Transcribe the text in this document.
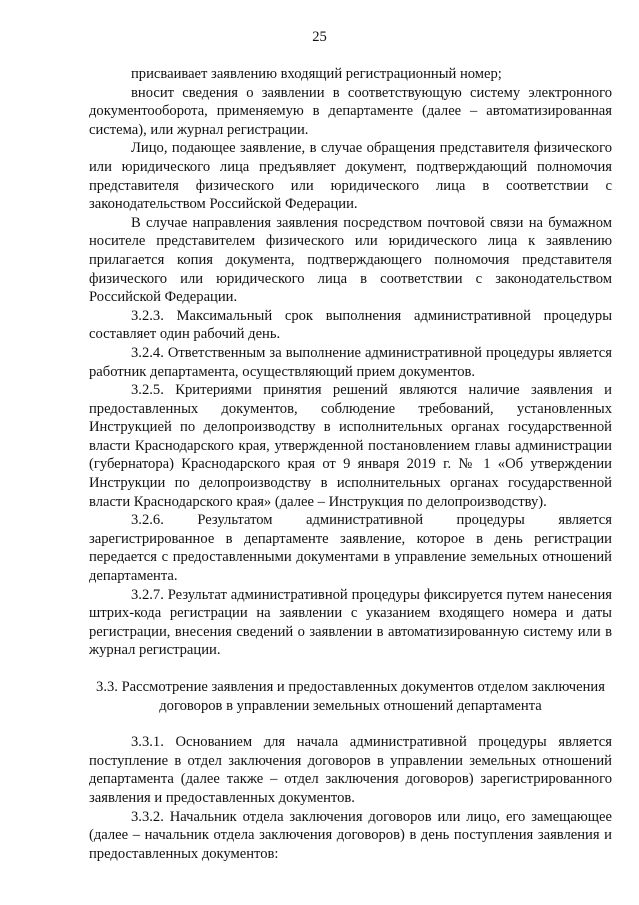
25

присваивает заявлению входящий регистрационный номер;

вносит сведения о заявлении в соответствующую систему электронного документооборота, применяемую в департаменте (далее – автоматизированная система), или журнал регистрации.

Лицо, подающее заявление, в случае обращения представителя физического или юридического лица предъявляет документ, подтверждающий полномочия представителя физического или юридического лица в соответствии с законодательством Российской Федерации.

В случае направления заявления посредством почтовой связи на бумажном носителе представителем физического или юридического лица к заявлению прилагается копия документа, подтверждающего полномочия представителя физического или юридического лица в соответствии с законодательством Российской Федерации.

3.2.3. Максимальный срок выполнения административной процедуры составляет один рабочий день.

3.2.4. Ответственным за выполнение административной процедуры является работник департамента, осуществляющий прием документов.

3.2.5. Критериями принятия решений являются наличие заявления и предоставленных документов, соблюдение требований, установленных Инструкцией по делопроизводству в исполнительных органах государственной власти Краснодарского края, утвержденной постановлением главы администрации (губернатора) Краснодарского края от 9 января 2019 г. № 1 «Об утверждении Инструкции по делопроизводству в исполнительных органах государственной власти Краснодарского края» (далее – Инструкция по делопроизводству).

3.2.6. Результатом административной процедуры является зарегистрированное в департаменте заявление, которое в день регистрации передается с предоставленными документами в управление земельных отношений департамента.

3.2.7. Результат административной процедуры фиксируется путем нанесения штрих-кода регистрации на заявлении с указанием входящего номера и даты регистрации, внесения сведений о заявлении в автоматизированную систему или в журнал регистрации.

3.3. Рассмотрение заявления и предоставленных документов отделом заключения договоров в управлении земельных отношений департамента

3.3.1. Основанием для начала административной процедуры является поступление в отдел заключения договоров в управлении земельных отношений департамента (далее также – отдел заключения договоров) зарегистрированного заявления и предоставленных документов.

3.3.2. Начальник отдела заключения договоров или лицо, его замещающее (далее – начальник отдела заключения договоров) в день поступления заявления и предоставленных документов:
